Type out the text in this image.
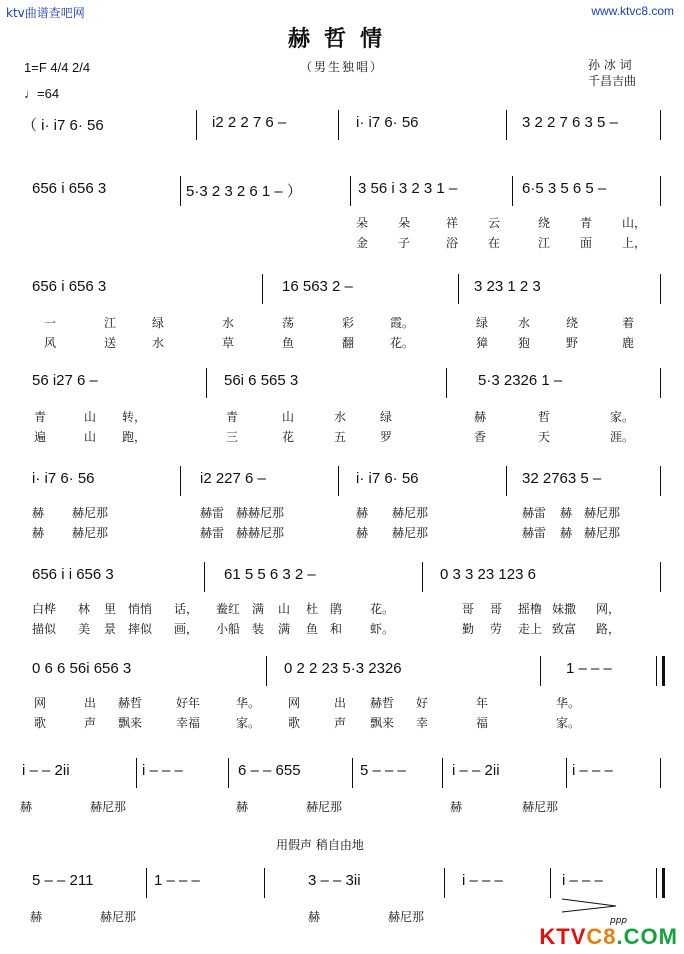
ktv曲谱查吧网	www.ktvc8.com
赫哲情
（男生独唱）
1=F 4/4 2/4
♩=64
孙 冰 词
千昌吉曲
（ i· i7 6· 56	i2 2 2 7 6 –	i· i7 6· 56	3 2 2 7 6 3 5 –
656 i 656 3	5·3 2 3 2 6 1 – ）	3 56 i 3 2 3 1 –	6·5 3 5 6 5 –
朵 朵	祥 云	绕 青 山，
金 子	浴 在	江 面 上，
656 i 656 3	16 563 2 –	3 23 1 2 3
一	江	绿	水	荡	彩	霞。	绿 水	绕	着
风	送	水	草	鱼	翻	花。	獐 狍	野	鹿
56 i27 6 –	56i 6 565 3	5·3 2326 1 –
青	山 转，	青	山	水	绿	赫	哲	家。
遍	山 跑，	三	花	五	罗	香	天	涯。
i· i7 6· 56	i2 227 6 –	i· i7 6· 56	32 2763 5 –
赫 赫尼那	赫雷 赫赫尼那	赫 赫尼那	赫雷 赫 赫尼那
赫 赫尼那	赫雷 赫赫尼那	赫 赫尼那	赫雷 赫 赫尼那
656 i i 656 3	61 5 5 6 3 2 –	0 3 3 23 123 6
白桦 林 里 悄悄 话， 鲞红 满 山 杜 鹃 花。	哥 哥 摇橹 妹撒 网，
描似 美 景 摔似 画， 小船 装 满 鱼 和 虾。	勤 劳 走上 致富 路，
0 6 6 56i 656 3	0 2 2 23 5·3 2326	1 – – –
网	出 赫哲	好年	华。 网	出 赫哲 好	年	华。
歌	声 飘来	幸福	家。 歌	声 飘来 幸	福	家。
i – – 2ii	i – – –	6 – – 655	5 – – –	i – – 2ii	i – – –
赫	赫尼那	赫	赫尼那	赫	赫尼那
用假声 稍自由地
5 – – 211	1 – – –	3 – – 3ii	i – – –	i – – –
赫	赫尼那	赫	赫尼那	ppp
KTVC8.COM
